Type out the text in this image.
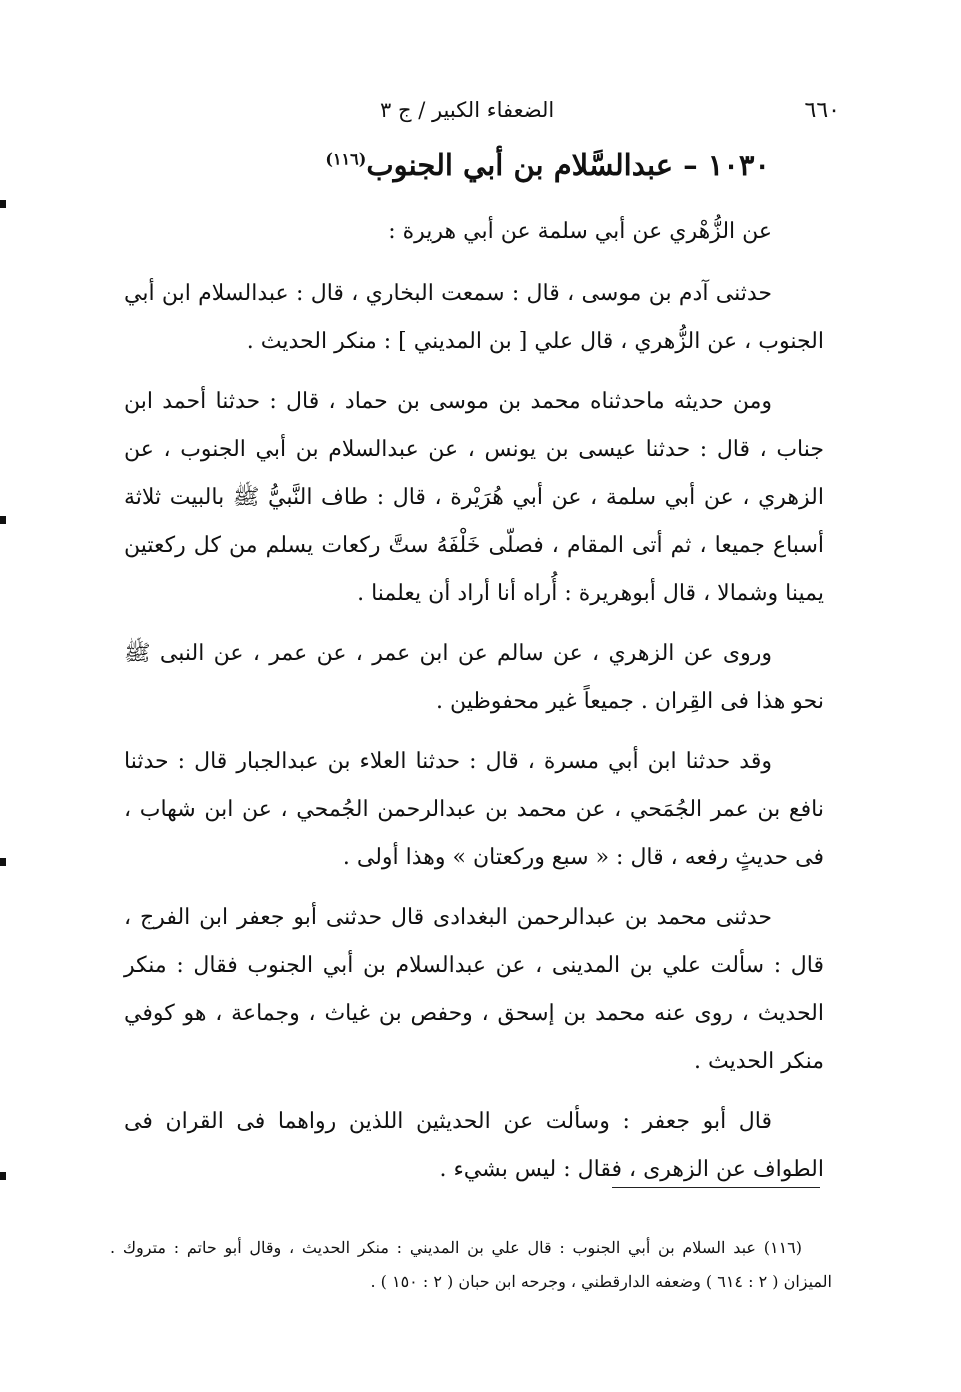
٦٦٠
الضعفاء الكبير / ج ٣
١٠٣٠ – عبدالسَّلام بن أبي الجنوب$^{(١١٦)}$

عن الزُّهْري عن أبي سلمة عن أبي هريرة :

حدثنى آدم بن موسى ، قال : سمعت البخاري ، قال : عبدالسلام ابن أبي الجنوب ، عن الزُّهري ، قال علي [ بن المديني ] : منكر الحديث .

ومن حديثه ماحدثناه محمد بن موسى بن حماد ، قال : حدثنا أحمد ابن جناب ، قال : حدثنا عيسى بن يونس ، عن عبدالسلام بن أبي الجنوب ، عن الزهري ، عن أبي سلمة ، عن أبي هُرَيْرة ، قال : طاف النَّبيُّ ﷺ بالبيت ثلاثة أسباع جميعا ، ثم أتى المقام ، فصلّى خَلْفَهُ ستَّ ركعات يسلم من كل ركعتين يمينا وشمالا ، قال أبوهريرة : أُراه أنا أراد أن يعلمنا .

وروى عن الزهري ، عن سالم عن ابن عمر ، عن عمر ، عن النبى ﷺ نحو هذا فى القِران . جميعاً غير محفوظين .

وقد حدثنا ابن أبي مسرة ، قال : حدثنا العلاء بن عبدالجبار قال : حدثنا نافع بن عمر الجُمَحي ، عن محمد بن عبدالرحمن الجُمحي ، عن ابن شهاب ، فى حديثٍ رفعه ، قال : « سبع وركعتان » وهذا أولى .

حدثنى محمد بن عبدالرحمن البغدادى قال حدثنى أبو جعفر ابن الفرج ، قال : سألت علي بن المدينى ، عن عبدالسلام بن أبي الجنوب فقال : منكر الحديث ، روى عنه محمد بن إسحق ، وحفص بن غياث ، وجماعة ، هو كوفي منكر الحديث .

قال أبو جعفر : وسألت عن الحديثين اللذين رواهما فى القران فى الطواف عن الزهرى ، فقال : ليس بشيء .

(١١٦) عبد السلام بن أبي الجنوب : قال علي بن المديني : منكر الحديث ، وقال أبو حاتم : متروك . الميزان ( ٢ : ٦١٤ ) وضعفه الدارقطني ، وجرحه ابن حبان ( ٢ : ١٥٠ ) .
